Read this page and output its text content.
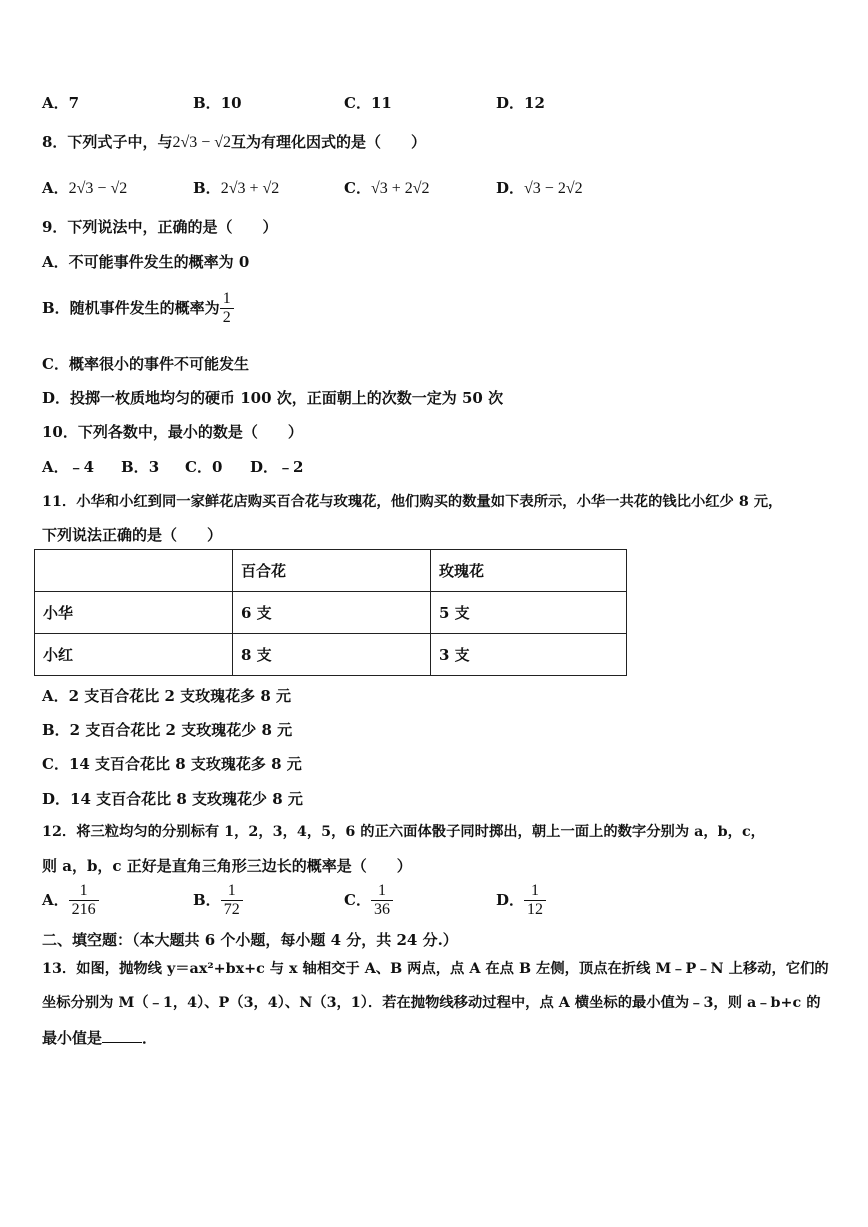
A．7	B．10	C．11	D．12
8．下列式子中，与2√3 − √2互为有理化因式的是（　　）
A．2√3 − √2	B．2√3 + √2	C．√3 + 2√2	D．√3 − 2√2
9．下列说法中，正确的是（　　）
A．不可能事件发生的概率为 0
B．随机事件发生的概率为 $\frac{1}{2}$
C．概率很小的事件不可能发生
D．投掷一枚质地均匀的硬币 100 次，正面朝上的次数一定为 50 次
10．下列各数中，最小的数是（　　）
A．﹣4 B．3 C．0 D．﹣2
11．小华和小红到同一家鲜花店购买百合花与玫瑰花，他们购买的数量如下表所示，小华一共花的钱比小红少 8 元，
下列说法正确的是（　　）
	百合花	玫瑰花
小华	6 支	5 支
小红	8 支	3 支
A．2 支百合花比 2 支玫瑰花多 8 元
B．2 支百合花比 2 支玫瑰花少 8 元
C．14 支百合花比 8 支玫瑰花多 8 元
D．14 支百合花比 8 支玫瑰花少 8 元
12．将三粒均匀的分别标有 1，2，3，4，5，6 的正六面体骰子同时掷出，朝上一面上的数字分别为 a，b，c，
则 a，b，c 正好是直角三角形三边长的概率是（　　）
A． $\frac{1}{216}$	B． $\frac{1}{72}$	C． $\frac{1}{36}$	D． $\frac{1}{12}$
二、填空题：（本大题共 6 个小题，每小题 4 分，共 24 分.）
13．如图，抛物线 y＝ax²+bx+c 与 x 轴相交于 A、B 两点，点 A 在点 B 左侧，顶点在折线 M﹣P﹣N 上移动，它们的
坐标分别为 M（﹣1，4）、P（3，4）、N（3，1）．若在抛物线移动过程中，点 A 横坐标的最小值为﹣3，则 a﹣b+c 的
最小值是	．
